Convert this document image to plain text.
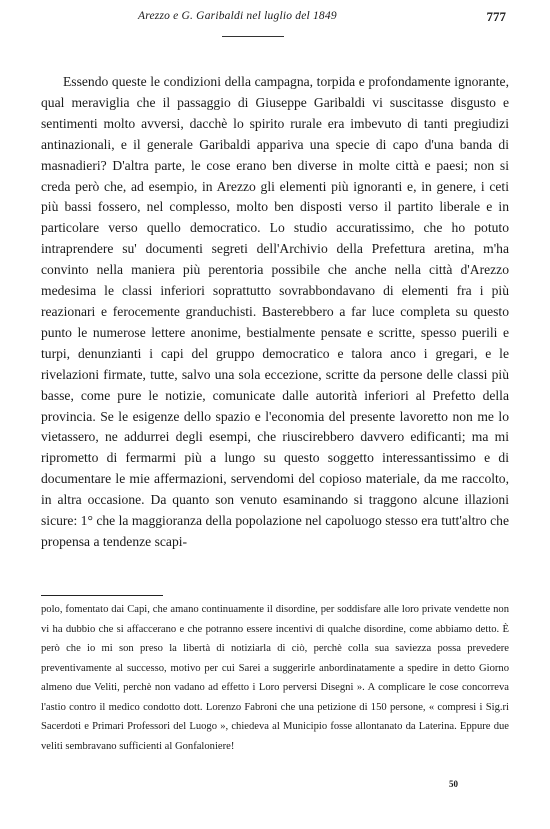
Arezzo e G. Garibaldi nel luglio del 1849	777

Essendo queste le condizioni della campagna, torpida e profondamente ignorante, qual meraviglia che il passaggio di Giuseppe Garibaldi vi suscitasse disgusto e sentimenti molto avversi, dacchè lo spirito rurale era imbevuto di tanti pregiudizi antinazionali, e il generale Garibaldi appariva una specie di capo d'una banda di masnadieri? D'altra parte, le cose erano ben diverse in molte città e paesi; non si creda però che, ad esempio, in Arezzo gli elementi più ignoranti e, in genere, i ceti più bassi fossero, nel complesso, molto ben disposti verso il partito liberale e in particolare verso quello democratico. Lo studio accuratissimo, che ho potuto intraprendere su' documenti segreti dell'Archivio della Prefettura aretina, m'ha convinto nella maniera più perentoria possibile che anche nella città d'Arezzo medesima le classi inferiori soprattutto sovrabbondavano di elementi fra i più reazionari e ferocemente granduchisti. Basterebbero a far luce completa su questo punto le numerose lettere anonime, bestialmente pensate e scritte, spesso puerili e turpi, denunzianti i capi del gruppo democratico e talora anco i gregari, e le rivelazioni firmate, tutte, salvo una sola eccezione, scritte da persone delle classi più basse, come pure le notizie, comunicate dalle autorità inferiori al Prefetto della provincia. Se le esigenze dello spazio e l'economia del presente lavoretto non me lo vietassero, ne addurrei degli esempi, che riuscirebbero davvero edificanti; ma mi riprometto di fermarmi più a lungo su questo soggetto interessantissimo e di documentare le mie affermazioni, servendomi del copioso materiale, da me raccolto, in altra occasione. Da quanto son venuto esaminando si traggono alcune illazioni sicure: 1° che la maggioranza della popolazione nel capoluogo stesso era tutt'altro che propensa a tendenze scapi-

polo, fomentato dai Capi, che amano continuamente il disordine, per soddisfare alle loro private vendette non vi ha dubbio che si affaccerano e che potranno essere incentivi di qualche disordine, come abbiamo detto. È però che io mi son preso la libertà di notiziarla di ciò, perchè colla sua saviezza possa prevedere preventivamente al successo, motivo per cui Sarei a suggerirle anbordinatamente a spedire in detto Giorno almeno due Veliti, perchè non vadano ad effetto i Loro perversi Disegni ». A complicare le cose concorreva l'astio contro il medico condotto dott. Lorenzo Fabroni che una petizione di 150 persone, « compresi i Sig.ri Sacerdoti e Primari Professori del Luogo », chiedeva al Municipio fosse allontanato da Laterina. Eppure due veliti sembravano sufficienti al Gonfaloniere!

50
